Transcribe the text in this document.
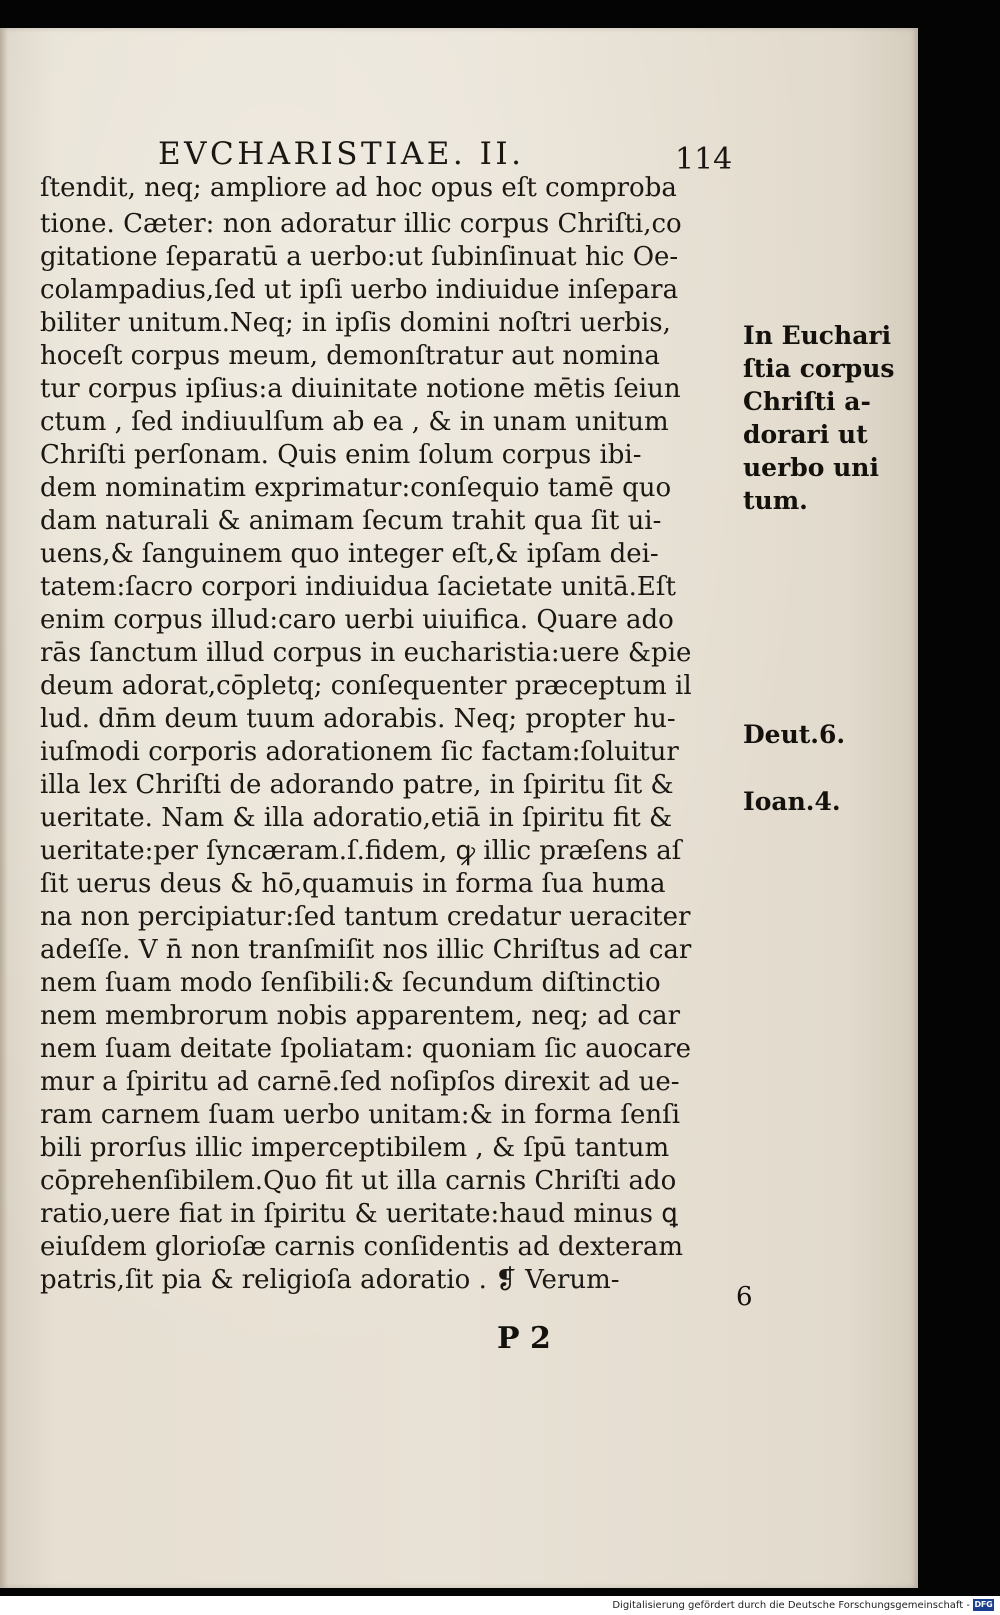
EVCHARISTIAE. II.	114
ſtendit, neq; ampliore ad hoc opus eſt comproba
tione. Cæter: non adoratur illic corpus Chriſti,co
gitatione ſeparatū a uerbo:ut ſubinſinuat hic Oe-
colampadius,ſed ut ipſi uerbo indiuidue inſepara
biliter unitum.Neq; in ipſis domini noſtri uerbis,
hoceſt corpus meum, demonſtratur aut nomina
tur corpus ipſius:a diuinitate notione mētis ſeiun
ctum , ſed indiuulſum ab ea , & in unam unitum
Chriſti perſonam. Quis enim ſolum corpus ibi-
dem nominatim exprimatur:conſequio tamē quo
dam naturali & animam ſecum trahit qua ſit ui-
uens,& ſanguinem quo integer eſt,& ipſam dei-
tatem:ſacro corpori indiuidua ſacietate unitā.Eſt
enim corpus illud:caro uerbi uiuifica. Quare ado
rās ſanctum illud corpus in eucharistia:uere &pie
deum adorat,cōpletq; conſequenter præceptum il
lud. dn̄m deum tuum adorabis. Neq; propter hu-
iuſmodi corporis adorationem ſic factam:ſoluitur
illa lex Chriſti de adorando patre, in ſpiritu ſit &
ueritate. Nam & illa adoratio,etiā in ſpiritu fit &
ueritate:per ſyncæram.ſ.fidem, ꝙ illic præſens aſ
ſit uerus deus & hō,quamuis in forma ſua huma
na non percipiatur:ſed tantum credatur ueraciter
adeſſe. V n̄ non tranſmiſit nos illic Chriſtus ad car
nem ſuam modo ſenſibili:& ſecundum diſtinctio
nem membrorum nobis apparentem, neq; ad car
nem ſuam deitate ſpoliatam: quoniam ſic auocare
mur a ſpiritu ad carnē.ſed noſipſos direxit ad ue-
ram carnem ſuam uerbo unitam:& in forma ſenſi
bili prorſus illic imperceptibilem , & ſpū tantum
cōprehenſibilem.Quo fit ut illa carnis Chriſti ado
ratio,uere fiat in ſpiritu & ueritate:haud minus ꝗ
eiuſdem glorioſæ carnis conſidentis ad dexteram
patris,ſit pia & religioſa adoratio . ❡ Verum-
In Euchari
ſtia corpus
Chriſti a-
dorari ut
uerbo uni
tum.
Deut.6.
Ioan.4.
6
P 2
Digitalisierung gefördert durch die Deutsche Forschungsgemeinschaft - DFG
